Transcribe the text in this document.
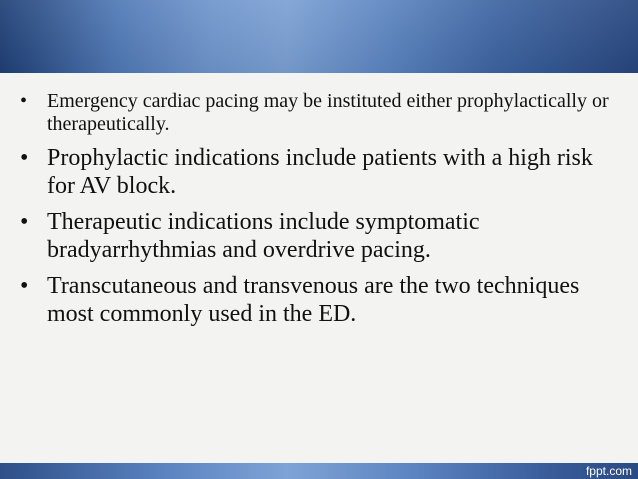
• Emergency cardiac pacing may be instituted either prophylactically or therapeutically.
• Prophylactic indications include patients with a high risk for AV block.
• Therapeutic indications include symptomatic bradyarrhythmias and overdrive pacing.
• Transcutaneous and transvenous are the two techniques most commonly used in the ED.
fppt.com
